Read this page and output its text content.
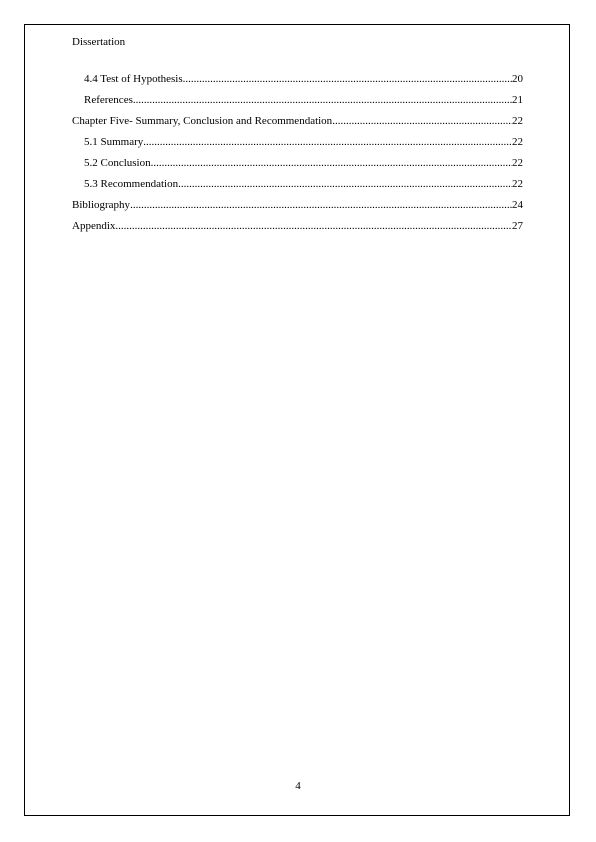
Dissertation
4.4 Test of Hypothesis .....	20
References .....	21
Chapter Five- Summary, Conclusion and Recommendation .....	22
5.1 Summary .....	22
5.2 Conclusion .....	22
5.3 Recommendation .....	22
Bibliography .....	24
Appendix .....	27
4
